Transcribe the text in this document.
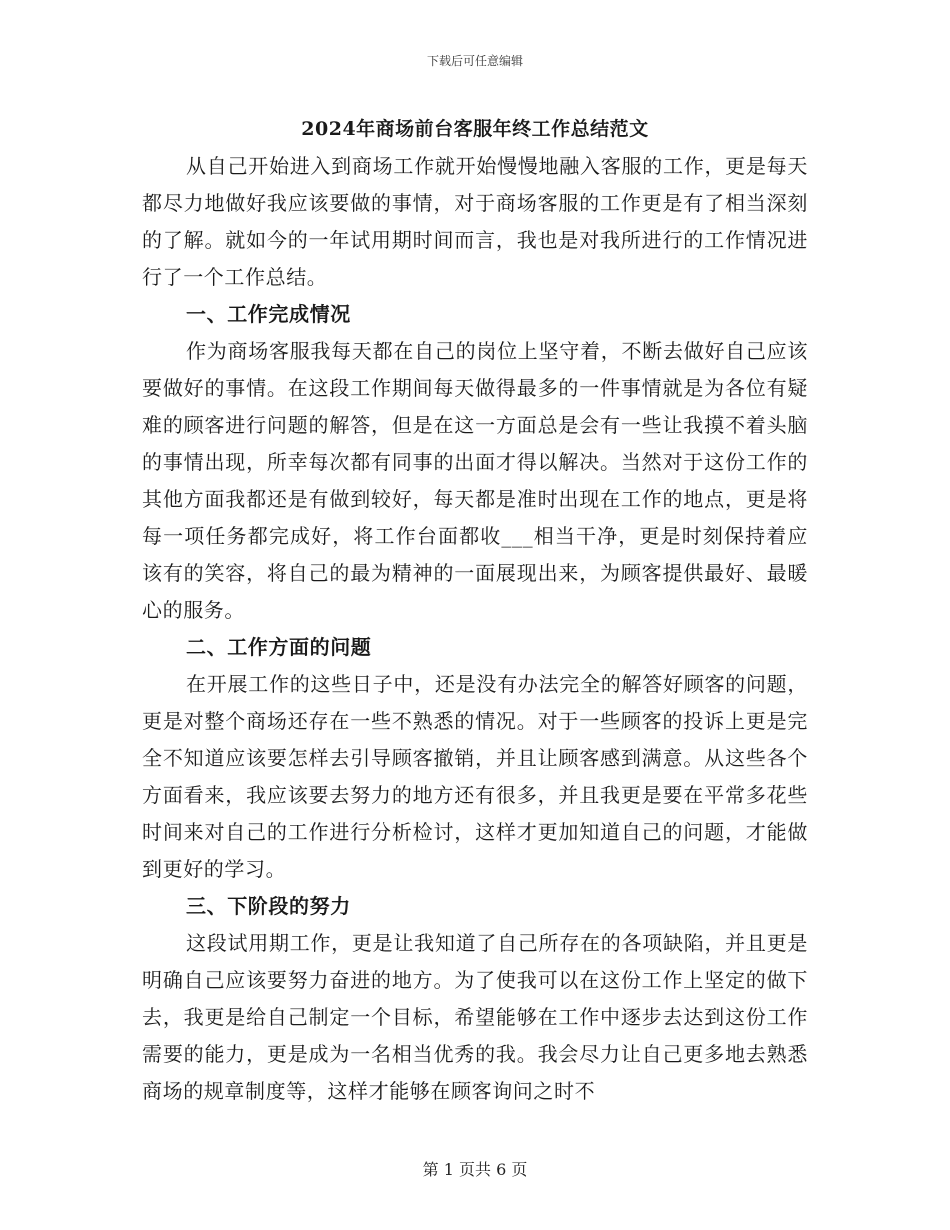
下载后可任意编辑
2024年商场前台客服年终工作总结范文

从自己开始进入到商场工作就开始慢慢地融入客服的工作，更是每天都尽力地做好我应该要做的事情，对于商场客服的工作更是有了相当深刻的了解。就如今的一年试用期时间而言，我也是对我所进行的工作情况进行了一个工作总结。

一、工作完成情况

作为商场客服我每天都在自己的岗位上坚守着，不断去做好自己应该要做好的事情。在这段工作期间每天做得最多的一件事情就是为各位有疑难的顾客进行问题的解答，但是在这一方面总是会有一些让我摸不着头脑的事情出现，所幸每次都有同事的出面才得以解决。当然对于这份工作的其他方面我都还是有做到较好，每天都是准时出现在工作的地点，更是将每一项任务都完成好，将工作台面都收___相当干净，更是时刻保持着应该有的笑容，将自己的最为精神的一面展现出来，为顾客提供最好、最暖心的服务。

二、工作方面的问题

在开展工作的这些日子中，还是没有办法完全的解答好顾客的问题，更是对整个商场还存在一些不熟悉的情况。对于一些顾客的投诉上更是完全不知道应该要怎样去引导顾客撤销，并且让顾客感到满意。从这些各个方面看来，我应该要去努力的地方还有很多，并且我更是要在平常多花些时间来对自己的工作进行分析检讨，这样才更加知道自己的问题，才能做到更好的学习。

三、下阶段的努力

这段试用期工作，更是让我知道了自己所存在的各项缺陷，并且更是明确自己应该要努力奋进的地方。为了使我可以在这份工作上坚定的做下去，我更是给自己制定一个目标，希望能够在工作中逐步去达到这份工作需要的能力，更是成为一名相当优秀的我。我会尽力让自己更多地去熟悉商场的规章制度等，这样才能够在顾客询问之时不

第 1 页共 6 页
